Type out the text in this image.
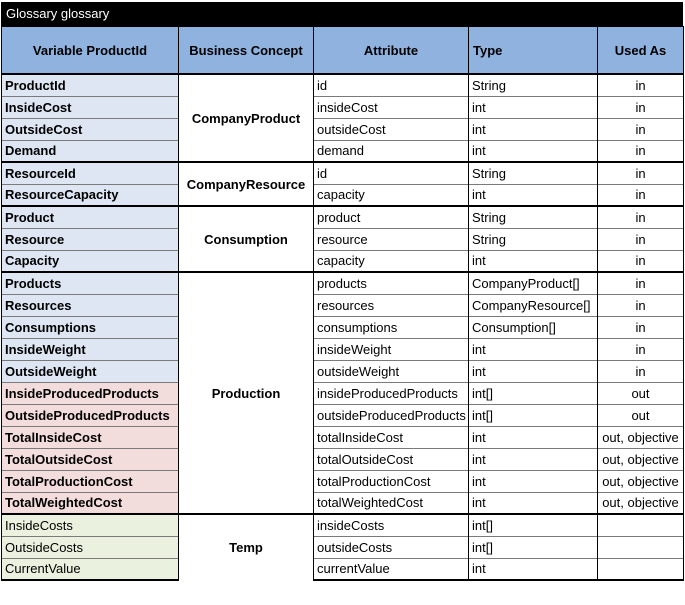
Glossary glossary
Variable ProductId	Business Concept	Attribute	Type	Used As
ProductId	CompanyProduct	id	String	in
InsideCost		insideCost	int	in
OutsideCost		outsideCost	int	in
Demand		demand	int	in
ResourceId	CompanyResource	id	String	in
ResourceCapacity		capacity	int	in
Product	Consumption	product	String	in
Resource		resource	String	in
Capacity		capacity	int	in
Products	Production	products	CompanyProduct[]	in
Resources		resources	CompanyResource[]	in
Consumptions		consumptions	Consumption[]	in
InsideWeight		insideWeight	int	in
OutsideWeight		outsideWeight	int	in
InsideProducedProducts		insideProducedProducts	int[]	out
OutsideProducedProducts		outsideProducedProducts	int[]	out
TotalInsideCost		totalInsideCost	int	out, objective
TotalOutsideCost		totalOutsideCost	int	out, objective
TotalProductionCost		totalProductionCost	int	out, objective
TotalWeightedCost		totalWeightedCost	int	out, objective
InsideCosts	Temp	insideCosts	int[]	
OutsideCosts		outsideCosts	int[]	
CurrentValue		currentValue	int	
